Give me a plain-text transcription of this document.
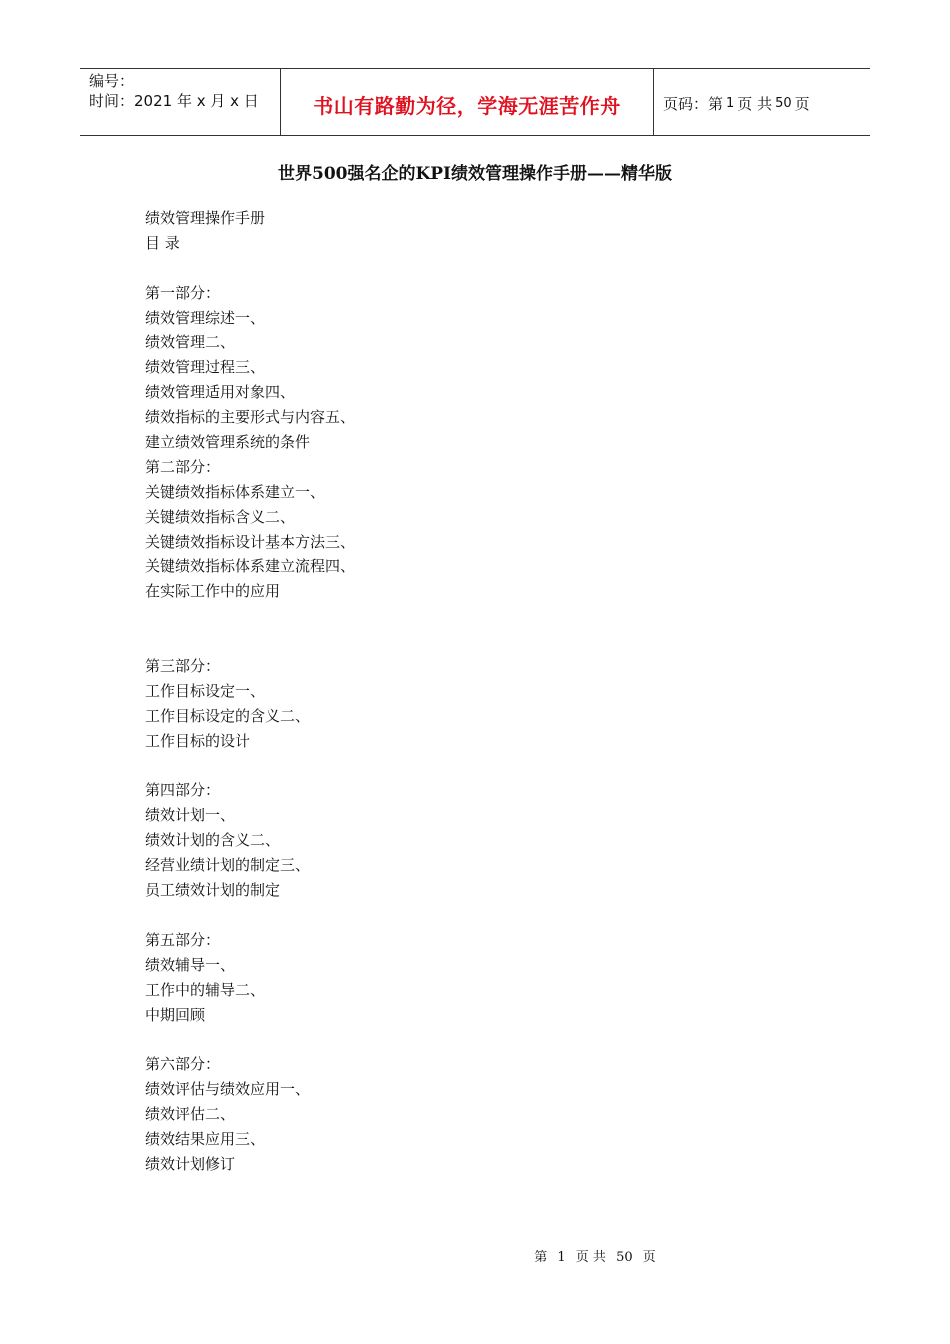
编号：
时间：2021 年 x 月 x 日	书山有路勤为径，学海无涯苦作舟	页码：第 1 页 共 50 页
世界500强名企的KPI绩效管理操作手册——精华版
绩效管理操作手册
目 录
第一部分：
绩效管理综述一、
绩效管理二、
绩效管理过程三、
绩效管理适用对象四、
绩效指标的主要形式与内容五、
建立绩效管理系统的条件
第二部分：
关键绩效指标体系建立一、
关键绩效指标含义二、
关键绩效指标设计基本方法三、
关键绩效指标体系建立流程四、
在实际工作中的应用
第三部分：
工作目标设定一、
工作目标设定的含义二、
工作目标的设计
第四部分：
绩效计划一、
绩效计划的含义二、
经营业绩计划的制定三、
员工绩效计划的制定
第五部分：
绩效辅导一、
工作中的辅导二、
中期回顾
第六部分：
绩效评估与绩效应用一、
绩效评估二、
绩效结果应用三、
绩效计划修订
第 1 页 共 50 页
